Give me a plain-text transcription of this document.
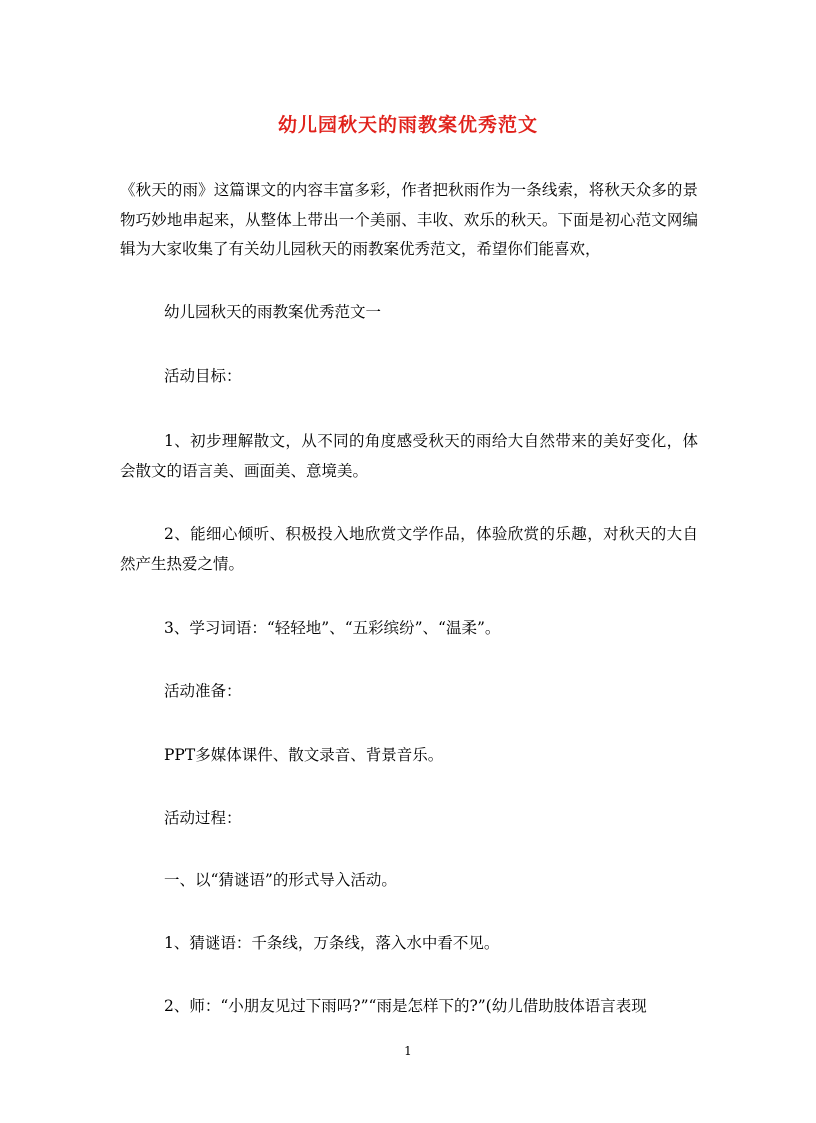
幼儿园秋天的雨教案优秀范文

《秋天的雨》这篇课文的内容丰富多彩，作者把秋雨作为一条线索，将秋天众多的景物巧妙地串起来，从整体上带出一个美丽、丰收、欢乐的秋天。下面是初心范文网编辑为大家收集了有关幼儿园秋天的雨教案优秀范文，希望你们能喜欢，

幼儿园秋天的雨教案优秀范文一

活动目标：

1、初步理解散文，从不同的角度感受秋天的雨给大自然带来的美好变化，体会散文的语言美、画面美、意境美。

2、能细心倾听、积极投入地欣赏文学作品，体验欣赏的乐趣，对秋天的大自然产生热爱之情。

3、学习词语：“轻轻地”、“五彩缤纷”、“温柔”。

活动准备：

PPT多媒体课件、散文录音、背景音乐。

活动过程：

一、以“猜谜语”的形式导入活动。

1、猜谜语：千条线，万条线，落入水中看不见。

2、师：“小朋友见过下雨吗?”“雨是怎样下的?”(幼儿借助肢体语言表现

1
